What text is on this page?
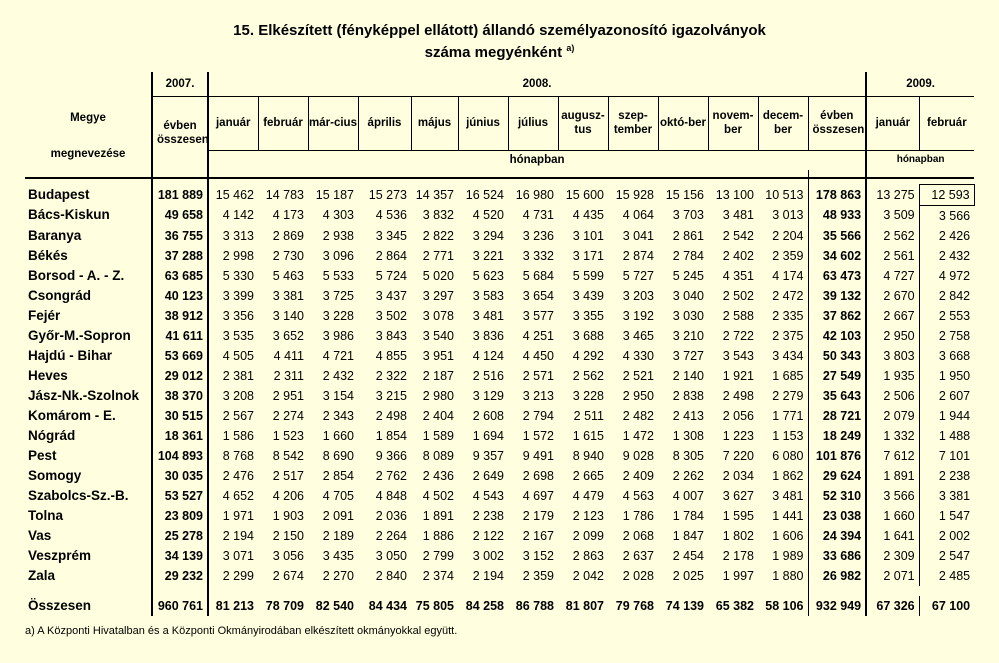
15. Elkészített (fényképpel ellátott) állandó személyazonosító igazolványok
száma megyénként $^{a)}$
Megye
megnevezése	2007.	2008.													2009.	
	évben összesen	január	február	már-cius	április	május	június	július	augusz-tus	szep-tember	októ-ber	novem-ber	decem-ber	évben összesen	január	február
		hónapban													hónapban	

Budapest	181 889	15 462	14 783	15 187	15 273	14 357	16 524	16 980	15 600	15 928	15 156	13 100	10 513	178 863	13 275	12 593
Bács-Kiskun	49 658	4 142	4 173	4 303	4 536	3 832	4 520	4 731	4 435	4 064	3 703	3 481	3 013	48 933	3 509	3 566
Baranya	36 755	3 313	2 869	2 938	3 345	2 822	3 294	3 236	3 101	3 041	2 861	2 542	2 204	35 566	2 562	2 426
Békés	37 288	2 998	2 730	3 096	2 864	2 771	3 221	3 332	3 171	2 874	2 784	2 402	2 359	34 602	2 561	2 432
Borsod - A. - Z.	63 685	5 330	5 463	5 533	5 724	5 020	5 623	5 684	5 599	5 727	5 245	4 351	4 174	63 473	4 727	4 972
Csongrád	40 123	3 399	3 381	3 725	3 437	3 297	3 583	3 654	3 439	3 203	3 040	2 502	2 472	39 132	2 670	2 842
Fejér	38 912	3 356	3 140	3 228	3 502	3 078	3 481	3 577	3 355	3 192	3 030	2 588	2 335	37 862	2 667	2 553
Győr-M.-Sopron	41 611	3 535	3 652	3 986	3 843	3 540	3 836	4 251	3 688	3 465	3 210	2 722	2 375	42 103	2 950	2 758
Hajdú - Bihar	53 669	4 505	4 411	4 721	4 855	3 951	4 124	4 450	4 292	4 330	3 727	3 543	3 434	50 343	3 803	3 668
Heves	29 012	2 381	2 311	2 432	2 322	2 187	2 516	2 571	2 562	2 521	2 140	1 921	1 685	27 549	1 935	1 950
Jász-Nk.-Szolnok	38 370	3 208	2 951	3 154	3 215	2 980	3 129	3 213	3 228	2 950	2 838	2 498	2 279	35 643	2 506	2 607
Komárom - E.	30 515	2 567	2 274	2 343	2 498	2 404	2 608	2 794	2 511	2 482	2 413	2 056	1 771	28 721	2 079	1 944
Nógrád	18 361	1 586	1 523	1 660	1 854	1 589	1 694	1 572	1 615	1 472	1 308	1 223	1 153	18 249	1 332	1 488
Pest	104 893	8 768	8 542	8 690	9 366	8 089	9 357	9 491	8 940	9 028	8 305	7 220	6 080	101 876	7 612	7 101
Somogy	30 035	2 476	2 517	2 854	2 762	2 436	2 649	2 698	2 665	2 409	2 262	2 034	1 862	29 624	1 891	2 238
Szabolcs-Sz.-B.	53 527	4 652	4 206	4 705	4 848	4 502	4 543	4 697	4 479	4 563	4 007	3 627	3 481	52 310	3 566	3 381
Tolna	23 809	1 971	1 903	2 091	2 036	1 891	2 238	2 179	2 123	1 786	1 784	1 595	1 441	23 038	1 660	1 547
Vas	25 278	2 194	2 150	2 189	2 264	1 886	2 122	2 167	2 099	2 068	1 847	1 802	1 606	24 394	1 641	2 002
Veszprém	34 139	3 071	3 056	3 435	3 050	2 799	3 002	3 152	2 863	2 637	2 454	2 178	1 989	33 686	2 309	2 547
Zala	29 232	2 299	2 674	2 270	2 840	2 374	2 194	2 359	2 042	2 028	2 025	1 997	1 880	26 982	2 071	2 485

Összesen	960 761	81 213	78 709	82 540	84 434	75 805	84 258	86 788	81 807	79 768	74 139	65 382	58 106	932 949	67 326	67 100
a) A Központi Hivatalban és a Központi Okmányirodában elkészített okmányokkal együtt.
